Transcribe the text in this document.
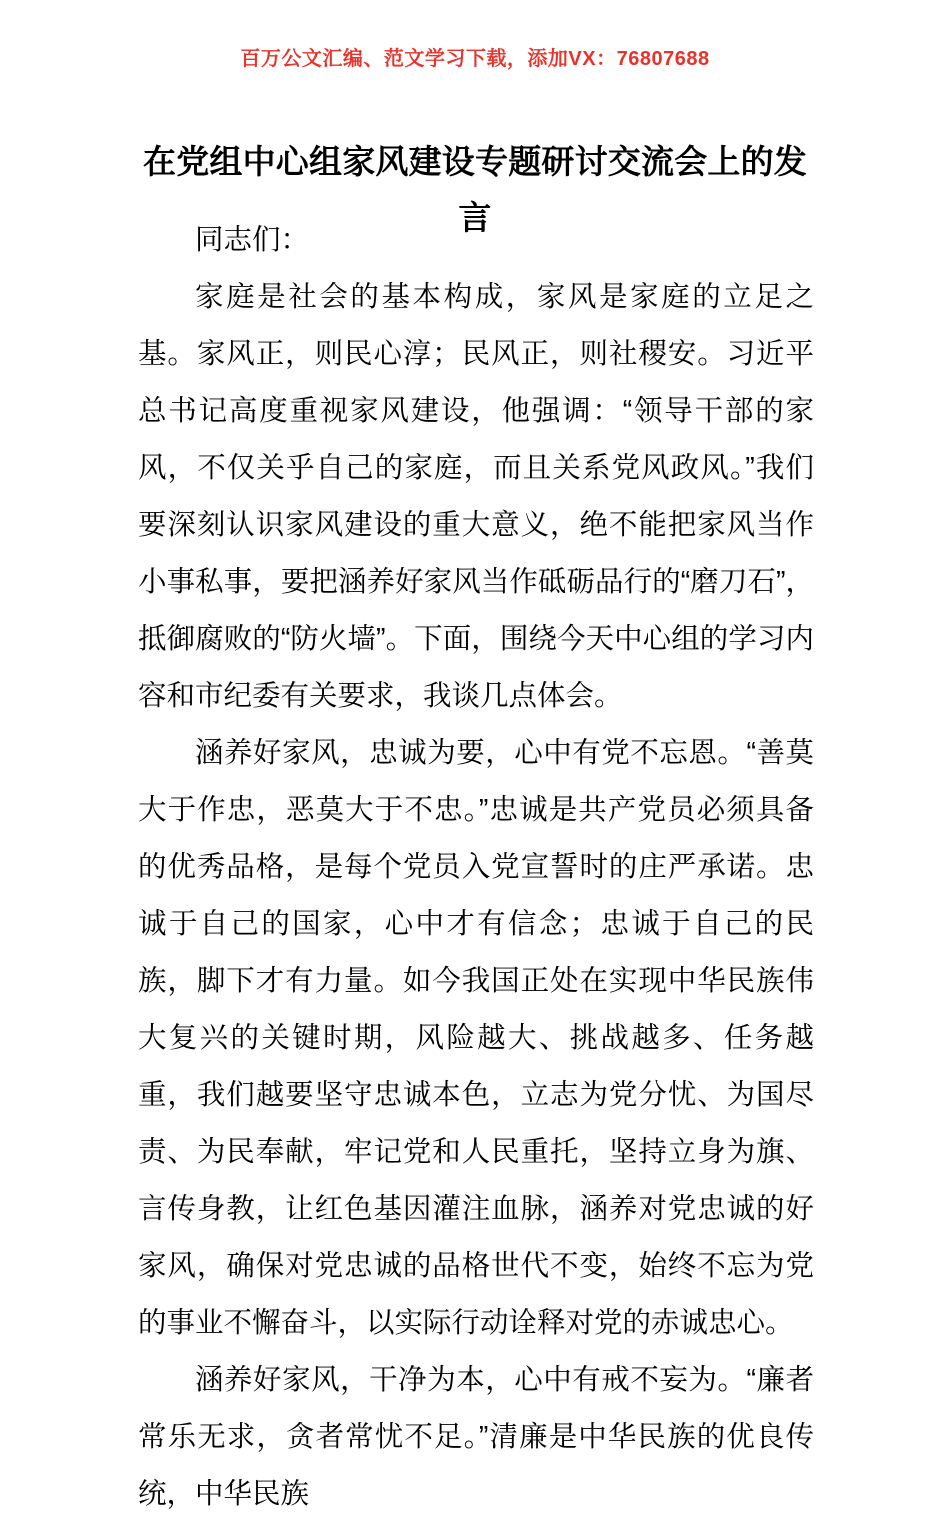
百万公文汇编、范文学习下载，添加VX：76807688
在党组中心组家风建设专题研讨交流会上的发言

同志们：

家庭是社会的基本构成，家风是家庭的立足之基。家风正，则民心淳；民风正，则社稷安。习近平总书记高度重视家风建设，他强调：“领导干部的家风，不仅关乎自己的家庭，而且关系党风政风。”我们要深刻认识家风建设的重大意义，绝不能把家风当作小事私事，要把涵养好家风当作砥砺品行的“磨刀石”，抵御腐败的“防火墙”。下面，围绕今天中心组的学习内容和市纪委有关要求，我谈几点体会。

涵养好家风，忠诚为要，心中有党不忘恩。“善莫大于作忠，恶莫大于不忠。”忠诚是共产党员必须具备的优秀品格，是每个党员入党宣誓时的庄严承诺。忠诚于自己的国家，心中才有信念；忠诚于自己的民族，脚下才有力量。如今我国正处在实现中华民族伟大复兴的关键时期，风险越大、挑战越多、任务越重，我们越要坚守忠诚本色，立志为党分忧、为国尽责、为民奉献，牢记党和人民重托，坚持立身为旗、言传身教，让红色基因灌注血脉，涵养对党忠诚的好家风，确保对党忠诚的品格世代不变，始终不忘为党的事业不懈奋斗，以实际行动诠释对党的赤诚忠心。

涵养好家风，干净为本，心中有戒不妄为。“廉者常乐无求，贪者常忧不足。”清廉是中华民族的优良传统，中华民族
